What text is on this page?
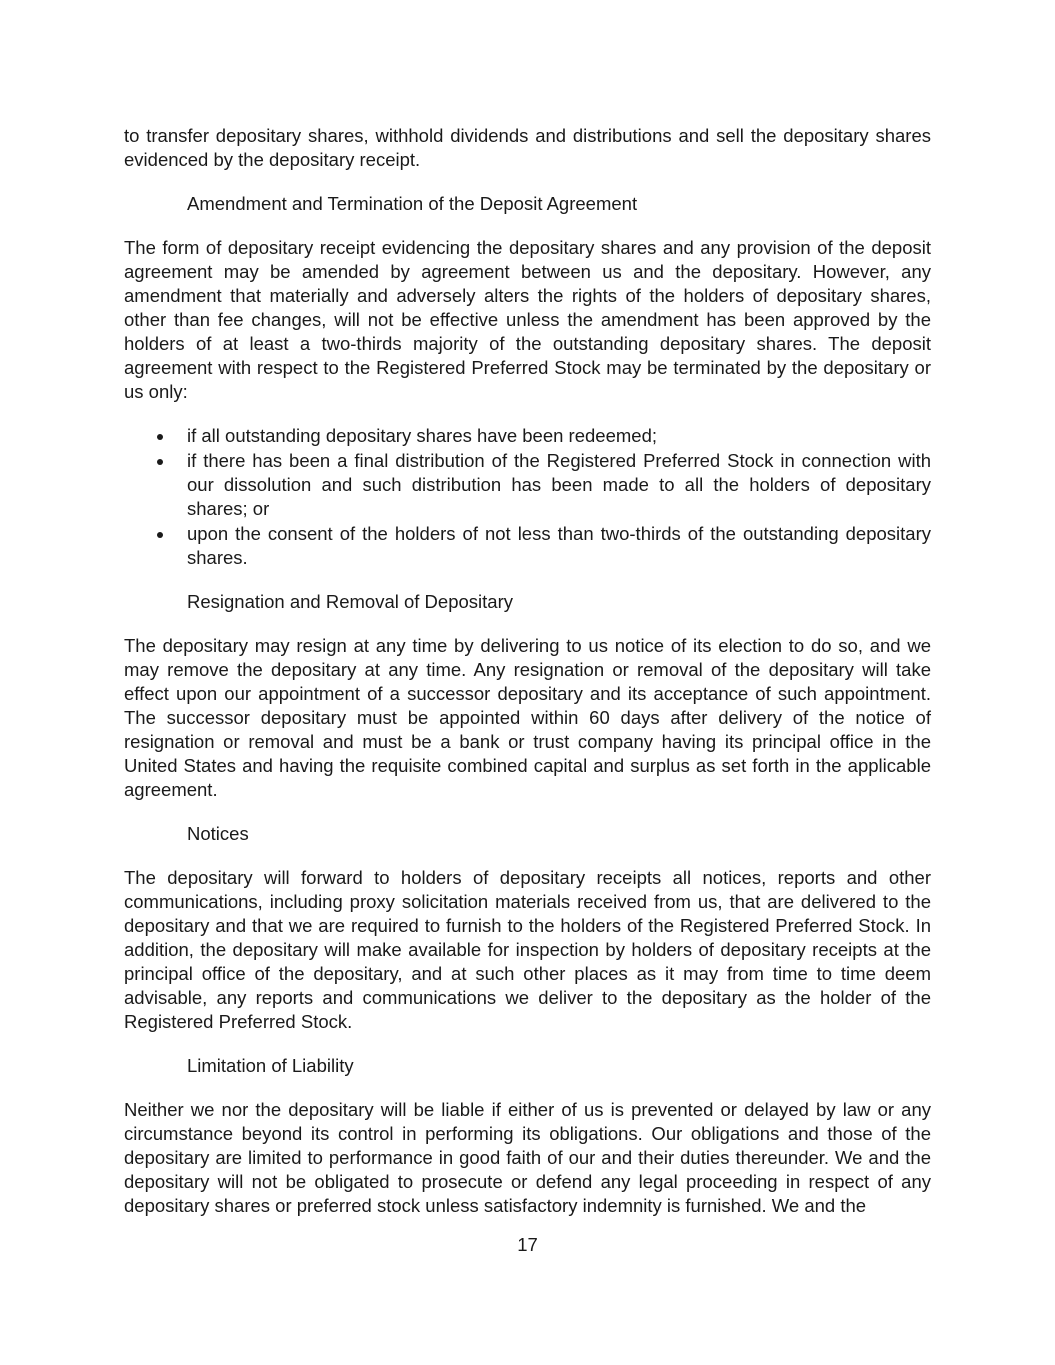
to transfer depositary shares, withhold dividends and distributions and sell the depositary shares evidenced by the depositary receipt.

Amendment and Termination of the Deposit Agreement

The form of depositary receipt evidencing the depositary shares and any provision of the deposit agreement may be amended by agreement between us and the depositary. However, any amendment that materially and adversely alters the rights of the holders of depositary shares, other than fee changes, will not be effective unless the amendment has been approved by the holders of at least a two-thirds majority of the outstanding depositary shares. The deposit agreement with respect to the Registered Preferred Stock may be terminated by the depositary or us only:

if all outstanding depositary shares have been redeemed;
if there has been a final distribution of the Registered Preferred Stock in connection with our dissolution and such distribution has been made to all the holders of depositary shares; or
upon the consent of the holders of not less than two-thirds of the outstanding depositary shares.

Resignation and Removal of Depositary

The depositary may resign at any time by delivering to us notice of its election to do so, and we may remove the depositary at any time. Any resignation or removal of the depositary will take effect upon our appointment of a successor depositary and its acceptance of such appointment. The successor depositary must be appointed within 60 days after delivery of the notice of resignation or removal and must be a bank or trust company having its principal office in the United States and having the requisite combined capital and surplus as set forth in the applicable agreement.

Notices

The depositary will forward to holders of depositary receipts all notices, reports and other communications, including proxy solicitation materials received from us, that are delivered to the depositary and that we are required to furnish to the holders of the Registered Preferred Stock. In addition, the depositary will make available for inspection by holders of depositary receipts at the principal office of the depositary, and at such other places as it may from time to time deem advisable, any reports and communications we deliver to the depositary as the holder of the Registered Preferred Stock.

Limitation of Liability

Neither we nor the depositary will be liable if either of us is prevented or delayed by law or any circumstance beyond its control in performing its obligations. Our obligations and those of the depositary are limited to performance in good faith of our and their duties thereunder. We and the depositary will not be obligated to prosecute or defend any legal proceeding in respect of any depositary shares or preferred stock unless satisfactory indemnity is furnished. We and the

17
